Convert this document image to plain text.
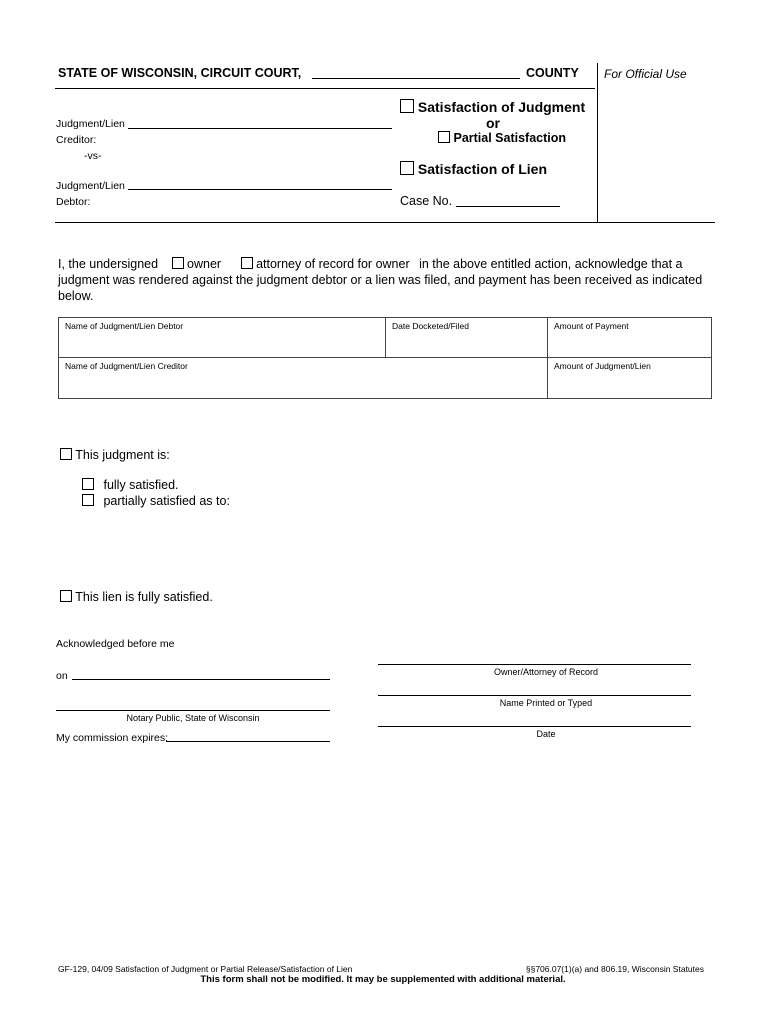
STATE OF WISCONSIN, CIRCUIT COURT,	COUNTY For Official Use
Judgment/Lien
Creditor:
-vs-
Judgment/Lien
Debtor:
Satisfaction of Judgment
or
Partial Satisfaction
Satisfaction of Lien
Case No.
I, the undersigned owner	attorney of record for owner in the above entitled action, acknowledge that a
judgment was rendered against the judgment debtor or a lien was filed, and payment has been received as indicated
below.
Name of Judgment/Lien Debtor	Date Docketed/Filed	Amount of Payment
Name of Judgment/Lien Creditor	Amount of Judgment/Lien
This judgment is:
fully satisfied.
partially satisfied as to:
This lien is fully satisfied.
Acknowledged before me
on
Notary Public, State of Wisconsin
My commission expires:
Owner/Attorney of Record
Name Printed or Typed
Date
GF-129, 04/09 Satisfaction of Judgment or Partial Release/Satisfaction of Lien	§§706.07(1)(a) and 806.19, Wisconsin Statutes
This form shall not be modified. It may be supplemented with additional material.
